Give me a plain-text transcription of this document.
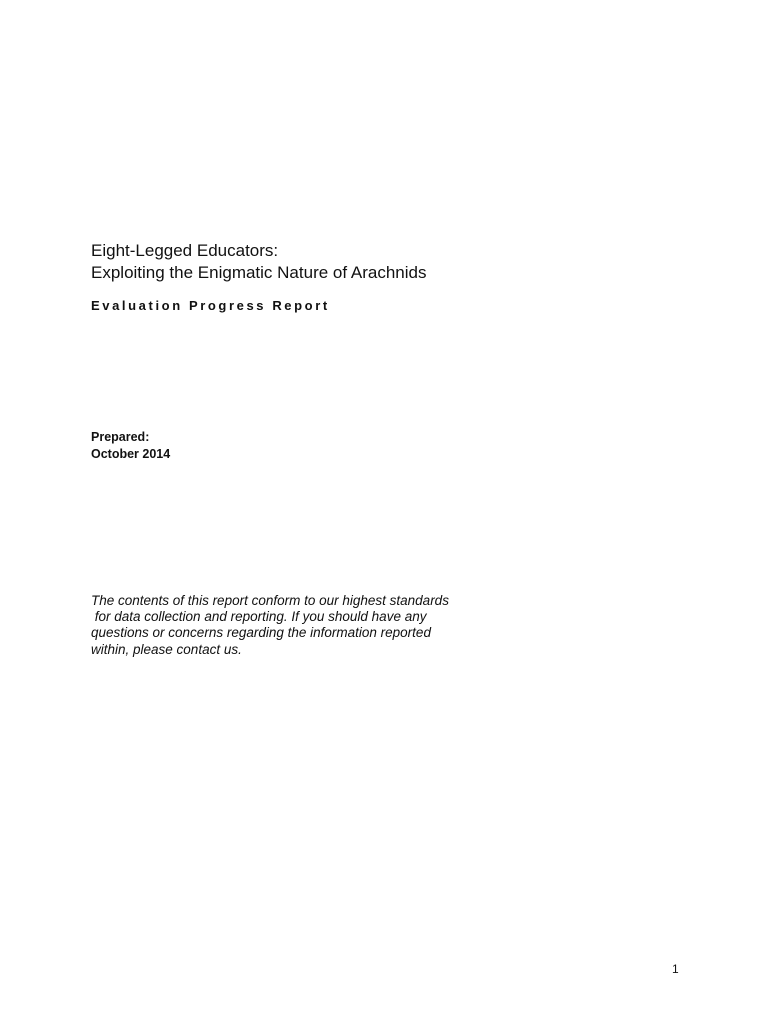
Eight-Legged Educators:
Exploiting the Enigmatic Nature of Arachnids
Evaluation Progress Report
Prepared:
October 2014
The contents of this report conform to our highest standards
for data collection and reporting. If you should have any
questions or concerns regarding the information reported
within, please contact us.
1
